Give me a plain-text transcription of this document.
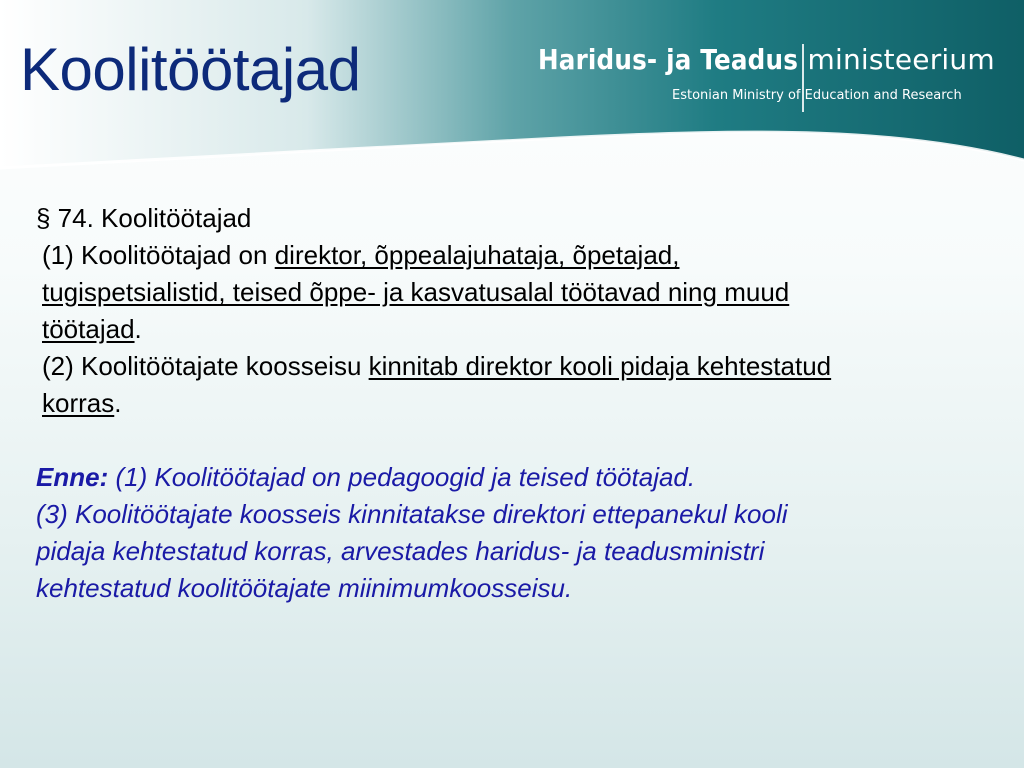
Koolitöötajad	Haridus- ja Teadus ministeerium
Estonian Ministry of Education and Research

§ 74. Koolitöötajad

(1) Koolitöötajad on direktor, õppealajuhataja, õpetajad, tugispetsialistid, teised õppe- ja kasvatusalal töötavad ning muud töötajad.

(2) Koolitöötajate koosseisu kinnitab direktor kooli pidaja kehtestatud korras.

Enne: (1) Koolitöötajad on pedagoogid ja teised töötajad.

(3) Koolitöötajate koosseis kinnitatakse direktori ettepanekul kooli pidaja kehtestatud korras, arvestades haridus- ja teadusministri kehtestatud koolitöötajate miinimumkoosseisu.
